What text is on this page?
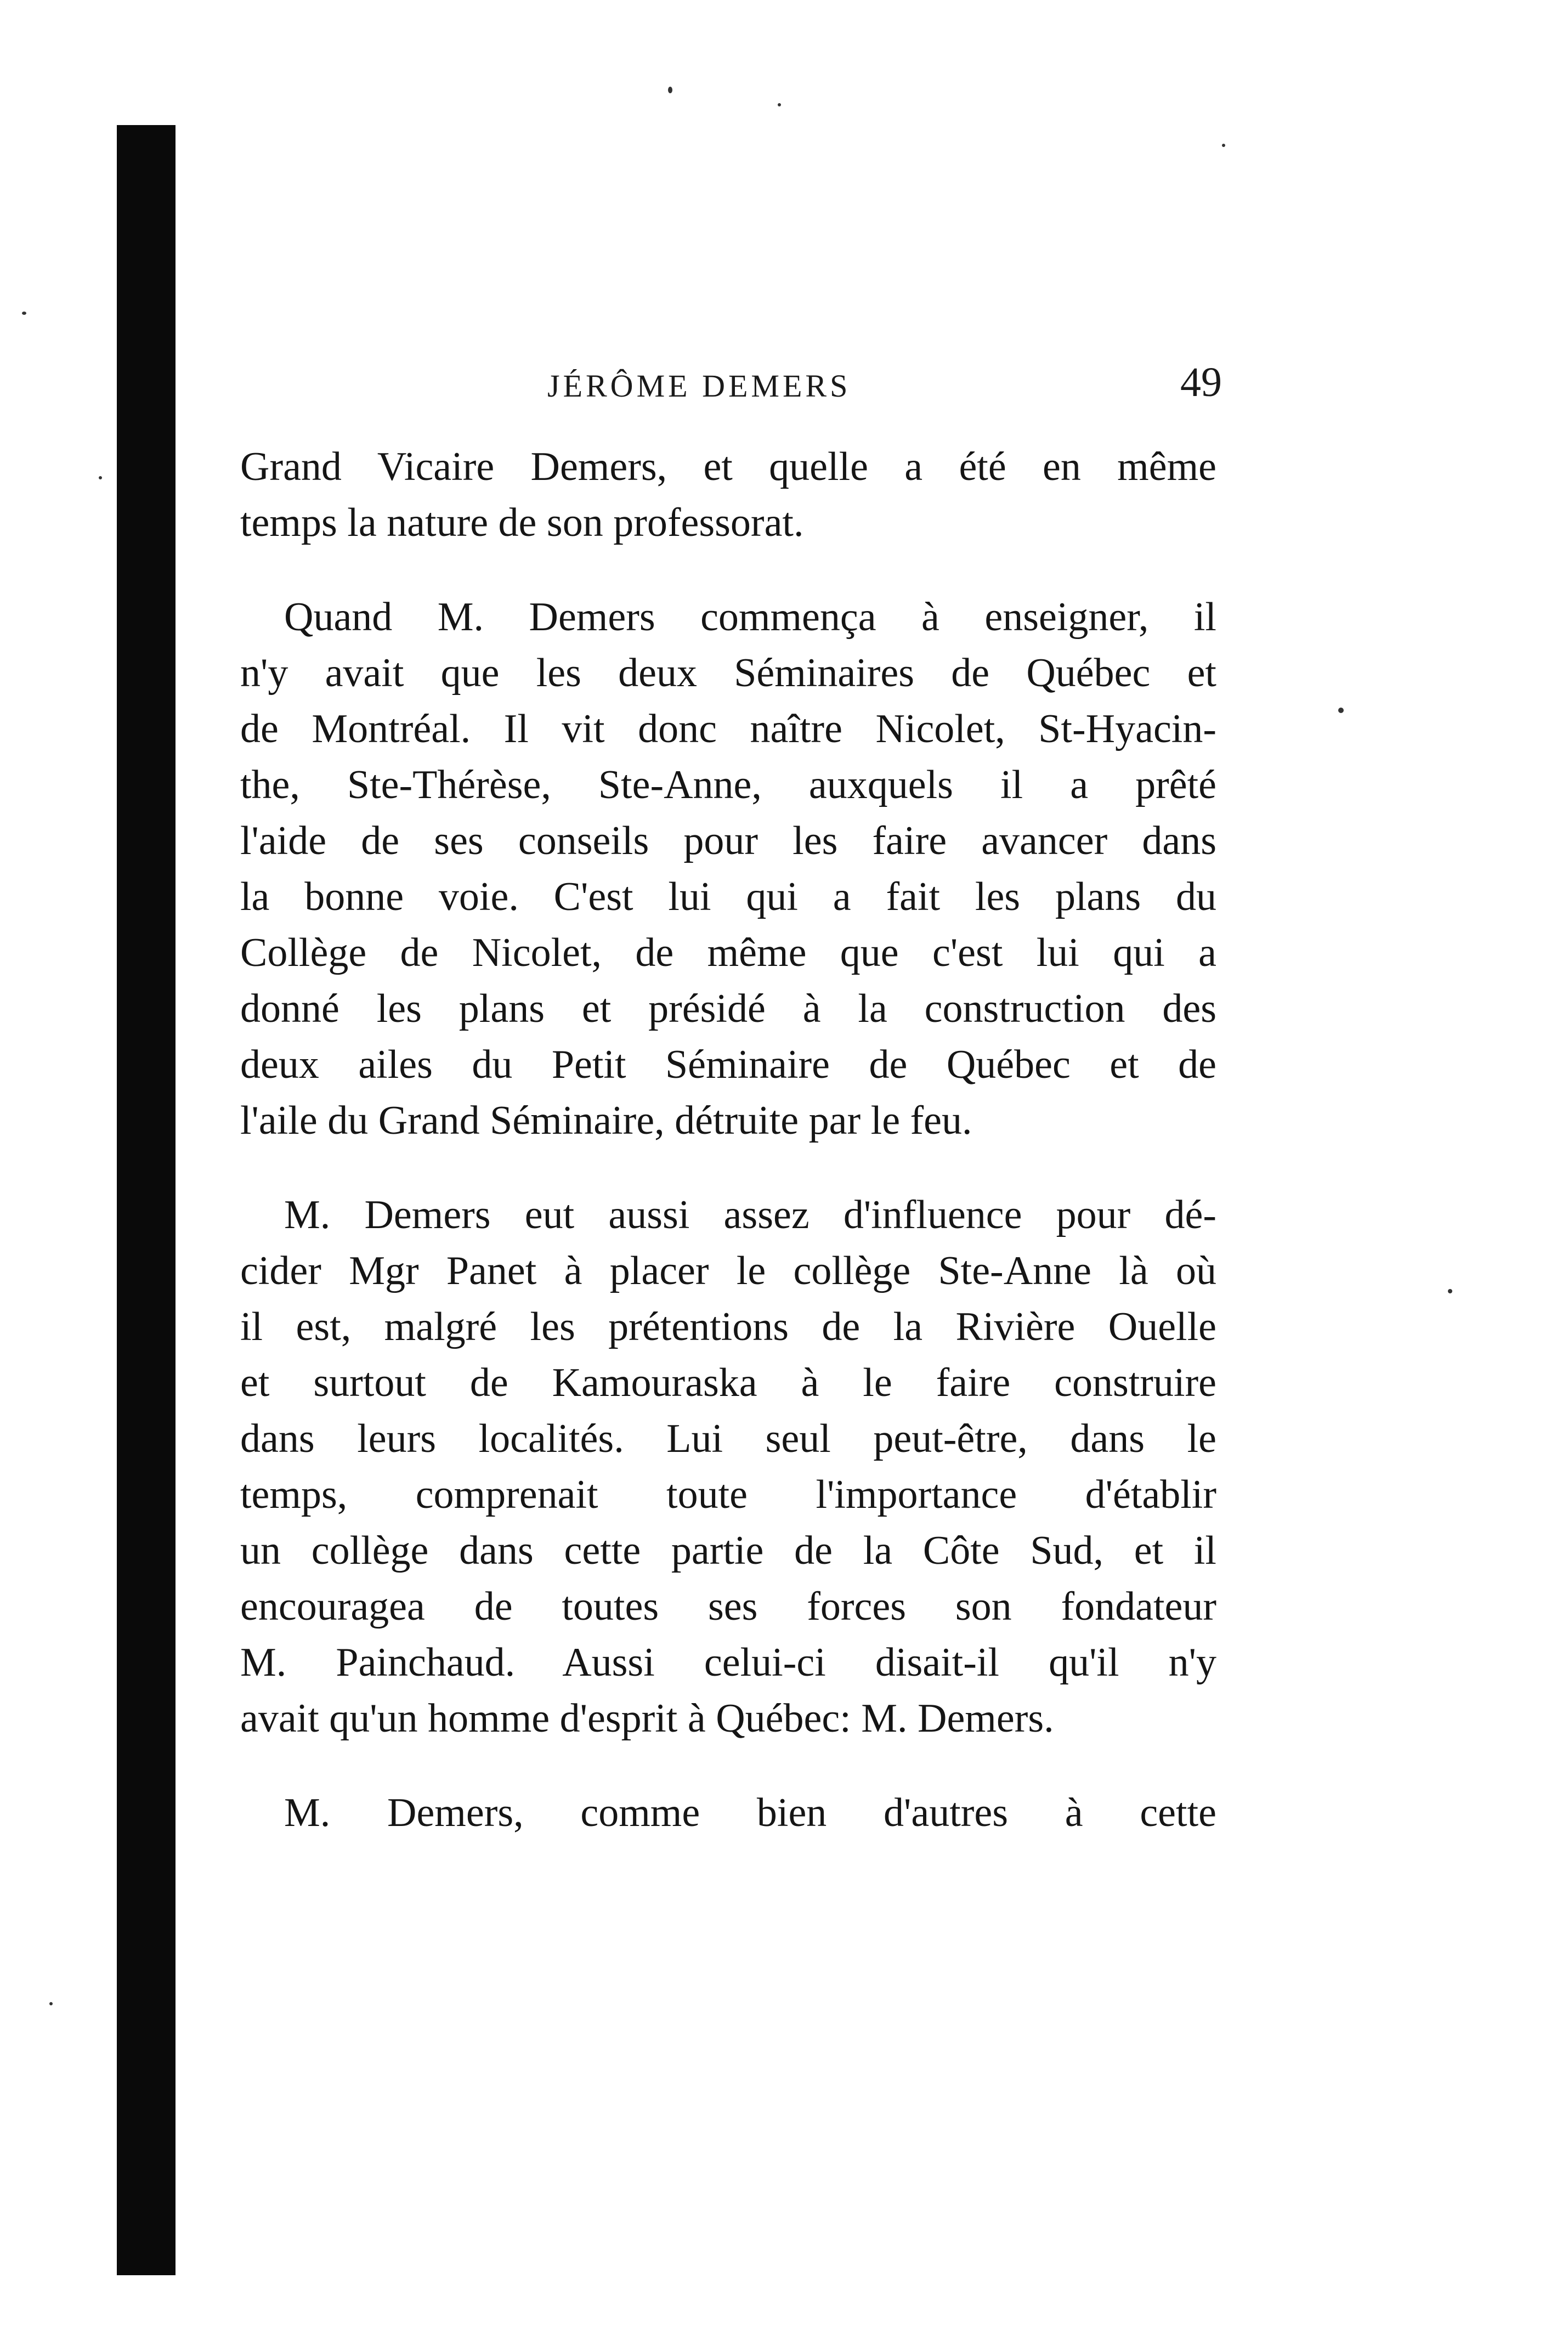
JÉRÔME DEMERS	49
Grand Vicaire Demers, et quelle a été en même
temps la nature de son professorat.
Quand M. Demers commença à enseigner, il
n'y avait que les deux Séminaires de Québec et
de Montréal. Il vit donc naître Nicolet, St-Hyacin-
the, Ste-Thérèse, Ste-Anne, auxquels il a prêté
l'aide de ses conseils pour les faire avancer dans
la bonne voie. C'est lui qui a fait les plans du
Collège de Nicolet, de même que c'est lui qui a
donné les plans et présidé à la construction des
deux ailes du Petit Séminaire de Québec et de
l'aile du Grand Séminaire, détruite par le feu.
M. Demers eut aussi assez d'influence pour dé-
cider Mgr Panet à placer le collège Ste-Anne là où
il est, malgré les prétentions de la Rivière Ouelle
et surtout de Kamouraska à le faire construire
dans leurs localités. Lui seul peut-être, dans le
temps, comprenait toute l'importance d'établir
un collège dans cette partie de la Côte Sud, et il
encouragea de toutes ses forces son fondateur
M. Painchaud. Aussi celui-ci disait-il qu'il n'y
avait qu'un homme d'esprit à Québec: M. Demers.
M. Demers, comme bien d'autres à cette
